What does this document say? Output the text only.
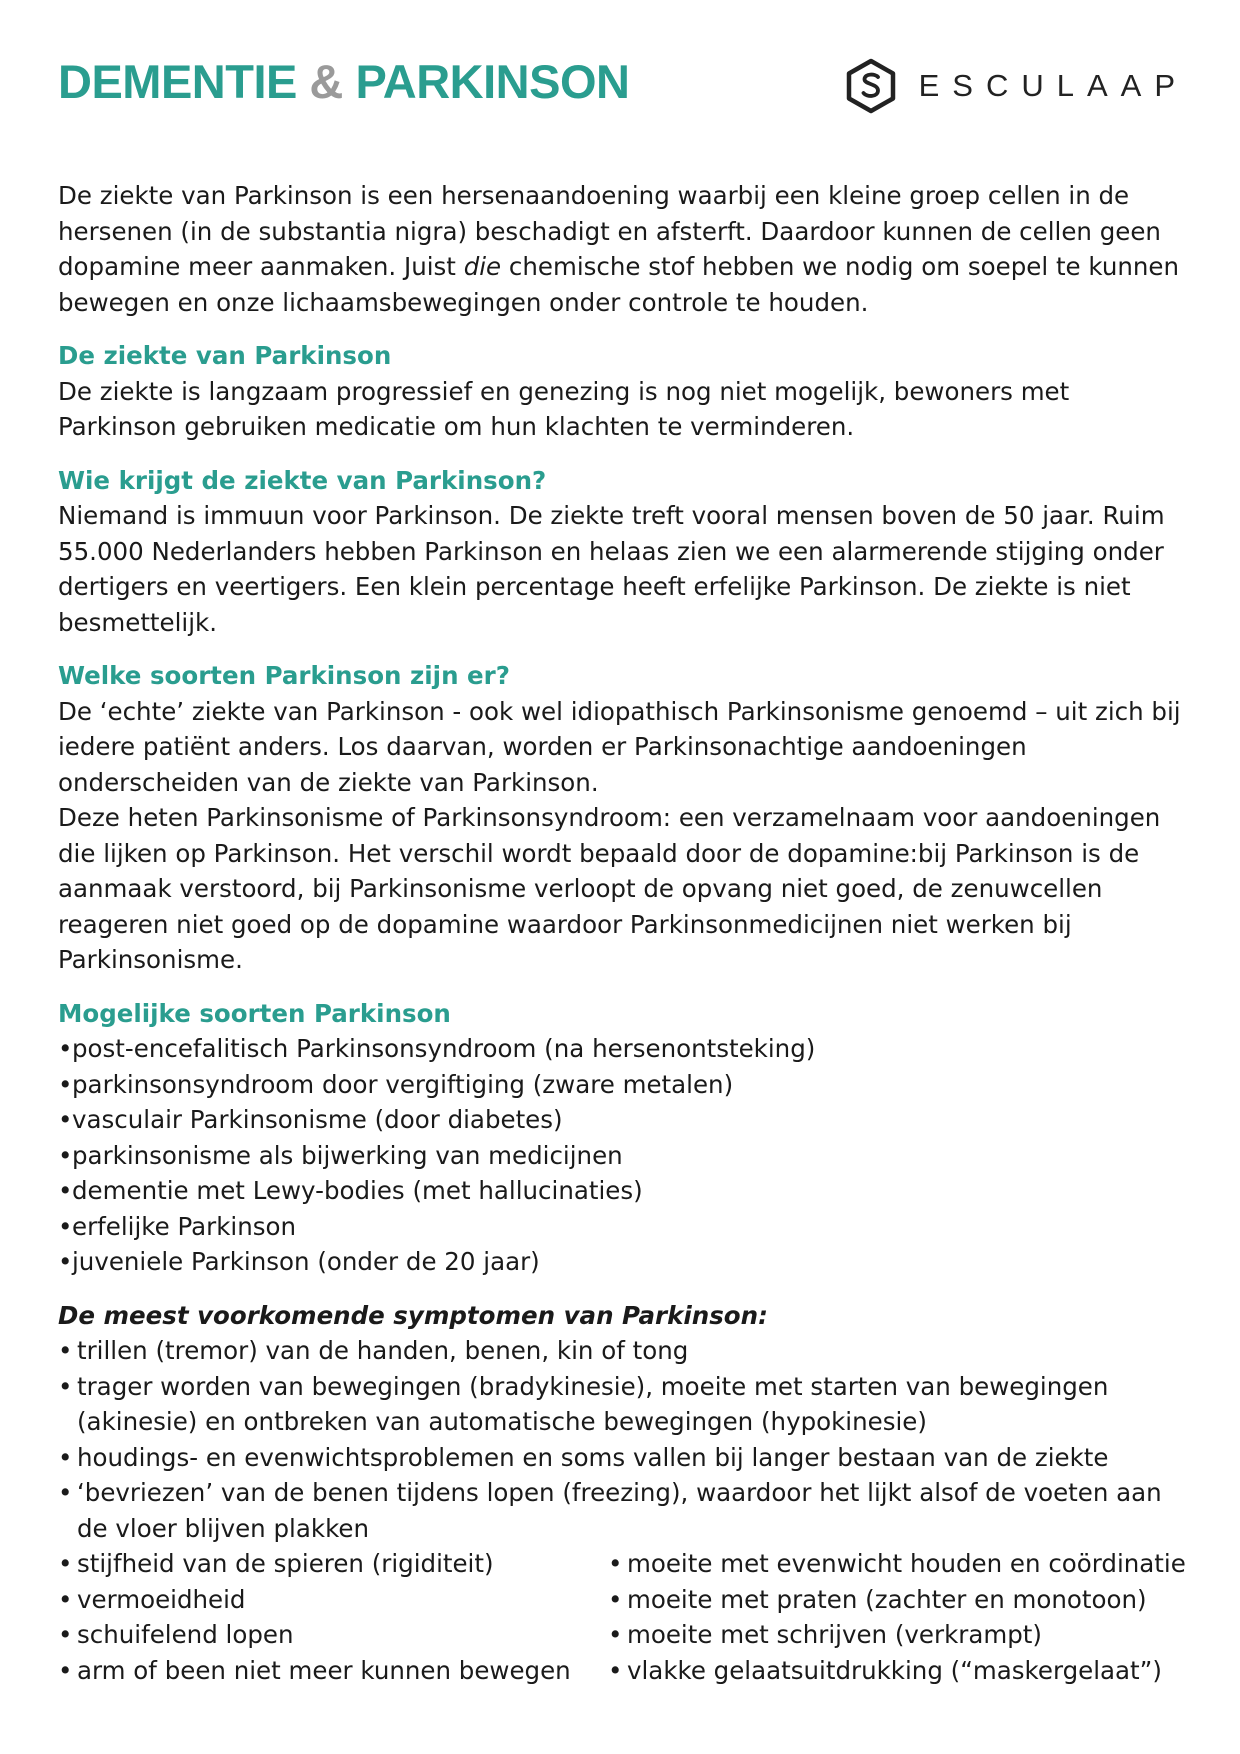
DEMENTIE & PARKINSON	ESCULAAP

De ziekte van Parkinson is een hersenaandoening waarbij een kleine groep cellen in de hersenen (in de substantia nigra) beschadigt en afsterft. Daardoor kunnen de cellen geen dopamine meer aanmaken. Juist die chemische stof hebben we nodig om soepel te kunnen bewegen en onze lichaamsbewegingen onder controle te houden.

De ziekte van Parkinson

De ziekte is langzaam progressief en genezing is nog niet mogelijk, bewoners met Parkinson gebruiken medicatie om hun klachten te verminderen.

Wie krijgt de ziekte van Parkinson?

Niemand is immuun voor Parkinson. De ziekte treft vooral mensen boven de 50 jaar. Ruim 55.000 Nederlanders hebben Parkinson en helaas zien we een alarmerende stijging onder dertigers en veertigers. Een klein percentage heeft erfelijke Parkinson. De ziekte is niet besmettelijk.

Welke soorten Parkinson zijn er?

De ‘echte’ ziekte van Parkinson - ook wel idiopathisch Parkinsonisme genoemd – uit zich bij iedere patiënt anders. Los daarvan, worden er Parkinsonachtige aandoeningen onderscheiden van de ziekte van Parkinson.

Deze heten Parkinsonisme of Parkinsonsyndroom: een verzamelnaam voor aandoeningen die lijken op Parkinson. Het verschil wordt bepaald door de dopamine:bij Parkinson is de aanmaak verstoord, bij Parkinsonisme verloopt de opvang niet goed, de zenuwcellen reageren niet goed op de dopamine waardoor Parkinsonmedicijnen niet werken bij Parkinsonisme.

Mogelijke soorten Parkinson
• post-encefalitisch Parkinsonsyndroom (na hersenontsteking)
• parkinsonsyndroom door vergiftiging (zware metalen)
• vasculair Parkinsonisme (door diabetes)
• parkinsonisme als bijwerking van medicijnen
• dementie met Lewy-bodies (met hallucinaties)
• erfelijke Parkinson
• juveniele Parkinson (onder de 20 jaar)

De meest voorkomende symptomen van Parkinson:

• trillen (tremor) van de handen, benen, kin of tong
• trager worden van bewegingen (bradykinesie), moeite met starten van bewegingen (akinesie) en ontbreken van automatische bewegingen (hypokinesie)
• houdings- en evenwichtsproblemen en soms vallen bij langer bestaan van de ziekte
• ‘bevriezen’ van de benen tijdens lopen (freezing), waardoor het lijkt alsof de voeten aan de vloer blijven plakken
• stijfheid van de spieren (rigiditeit)
• vermoeidheid
• schuifelend lopen
• arm of been niet meer kunnen bewegen
• moeite met evenwicht houden en coördinatie
• moeite met praten (zachter en monotoon)
• moeite met schrijven (verkrampt)
• vlakke gelaatsuitdrukking (“maskergelaat”)
